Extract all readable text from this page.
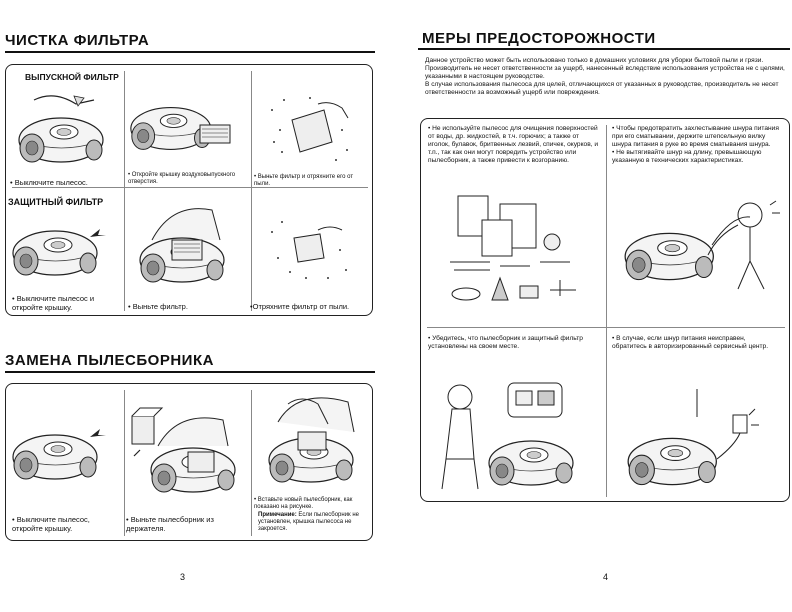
ЧИСТКА ФИЛЬТРА
ВЫПУСКНОЙ ФИЛЬТР
• Выключите пылесос.
• Откройте крышку воздуховыпускного отверстия.
• Выньте фильтр и отряхните его от пыли.
ЗАЩИТНЫЙ ФИЛЬТР
• Выключите пылесос и откройте крышку.	• Выньте фильтр.	•Отряхните фильтр от пыли.
ЗАМЕНА ПЫЛЕСБОРНИКА
• Выключите пылесос, откройте крышку.
• Выньте пылесборник из держателя.
• Вставьте новый пылесборник, как показано на рисунке.
Примечание: Если пылесборник не установлен, крышка пылесоса не закроется.
3
МЕРЫ ПРЕДОСТОРОЖНОСТИ

Данное устройство может быть использовано только в домашних условиях для уборки бытовой пыли и грязи. Производитель не несет ответственности за ущерб, нанесенный вследствие использования устройства не с целями, указанными в настоящем руководстве.

В случае использования пылесоса для целей, отличающихся от указанных в руководстве, производитель не несет ответственности за возможный ущерб или повреждения.

• Не используйте пылесос для очищения поверхностей от воды, др. жидкостей, в т.ч. горючих; а также от иголок, булавок, бритвенных лезвий, спичек, окурков, и т.п., так как они могут повредить устройство или пылесборник, а также привести к возгоранию.
• Чтобы предотвратить захлестывание шнура питания при его сматывании, держите штепсельную вилку шнура питания в руке во время сматывания шнура.
• Не вытягивайте шнур на длину, превышающую указанную в технических характеристиках.
• Убедитесь, что пылесборник и защитный фильтр установлены на своем месте.
• В случае, если шнур питания неисправен, обратитесь в авторизированный сервисный центр.
4
